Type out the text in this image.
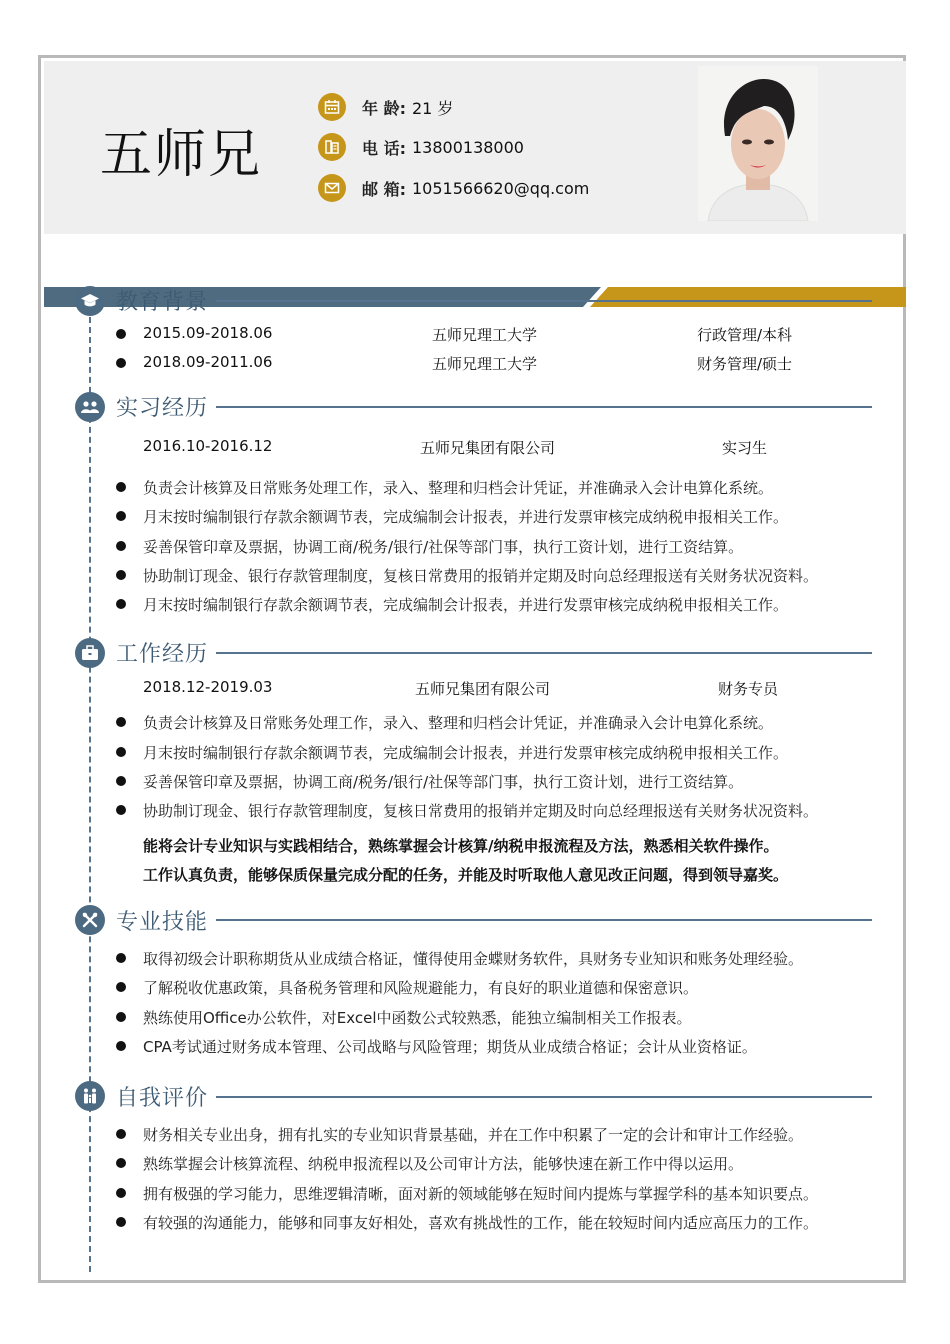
五师兄
年 龄: 21 岁
电 话: 13800138000
邮 箱: 1051566620@qq.com
教育背景
2015.09-2018.06	五师兄理工大学	行政管理/本科
2018.09-2011.06	五师兄理工大学	财务管理/硕士
实习经历
2016.10-2016.12	五师兄集团有限公司	实习生
负责会计核算及日常账务处理工作，录入、整理和归档会计凭证，并准确录入会计电算化系统。
月末按时编制银行存款余额调节表，完成编制会计报表，并进行发票审核完成纳税申报相关工作。
妥善保管印章及票据，协调工商/税务/银行/社保等部门事，执行工资计划，进行工资结算。
协助制订现金、银行存款管理制度，复核日常费用的报销并定期及时向总经理报送有关财务状况资料。
月末按时编制银行存款余额调节表，完成编制会计报表，并进行发票审核完成纳税申报相关工作。
工作经历
2018.12-2019.03	五师兄集团有限公司	财务专员
负责会计核算及日常账务处理工作，录入、整理和归档会计凭证，并准确录入会计电算化系统。
月末按时编制银行存款余额调节表，完成编制会计报表，并进行发票审核完成纳税申报相关工作。
妥善保管印章及票据，协调工商/税务/银行/社保等部门事，执行工资计划，进行工资结算。
协助制订现金、银行存款管理制度，复核日常费用的报销并定期及时向总经理报送有关财务状况资料。
能将会计专业知识与实践相结合，熟练掌握会计核算/纳税申报流程及方法，熟悉相关软件操作。
工作认真负责，能够保质保量完成分配的任务，并能及时听取他人意见改正问题，得到领导嘉奖。
专业技能
取得初级会计职称期货从业成绩合格证，懂得使用金蝶财务软件，具财务专业知识和账务处理经验。
了解税收优惠政策，具备税务管理和风险规避能力，有良好的职业道德和保密意识。
熟练使用Office办公软件，对Excel中函数公式较熟悉，能独立编制相关工作报表。
CPA考试通过财务成本管理、公司战略与风险管理；期货从业成绩合格证；会计从业资格证。
自我评价
财务相关专业出身，拥有扎实的专业知识背景基础，并在工作中积累了一定的会计和审计工作经验。
熟练掌握会计核算流程、纳税申报流程以及公司审计方法，能够快速在新工作中得以运用。
拥有极强的学习能力，思维逻辑清晰，面对新的领域能够在短时间内提炼与掌握学科的基本知识要点。
有较强的沟通能力，能够和同事友好相处，喜欢有挑战性的工作，能在较短时间内适应高压力的工作。
